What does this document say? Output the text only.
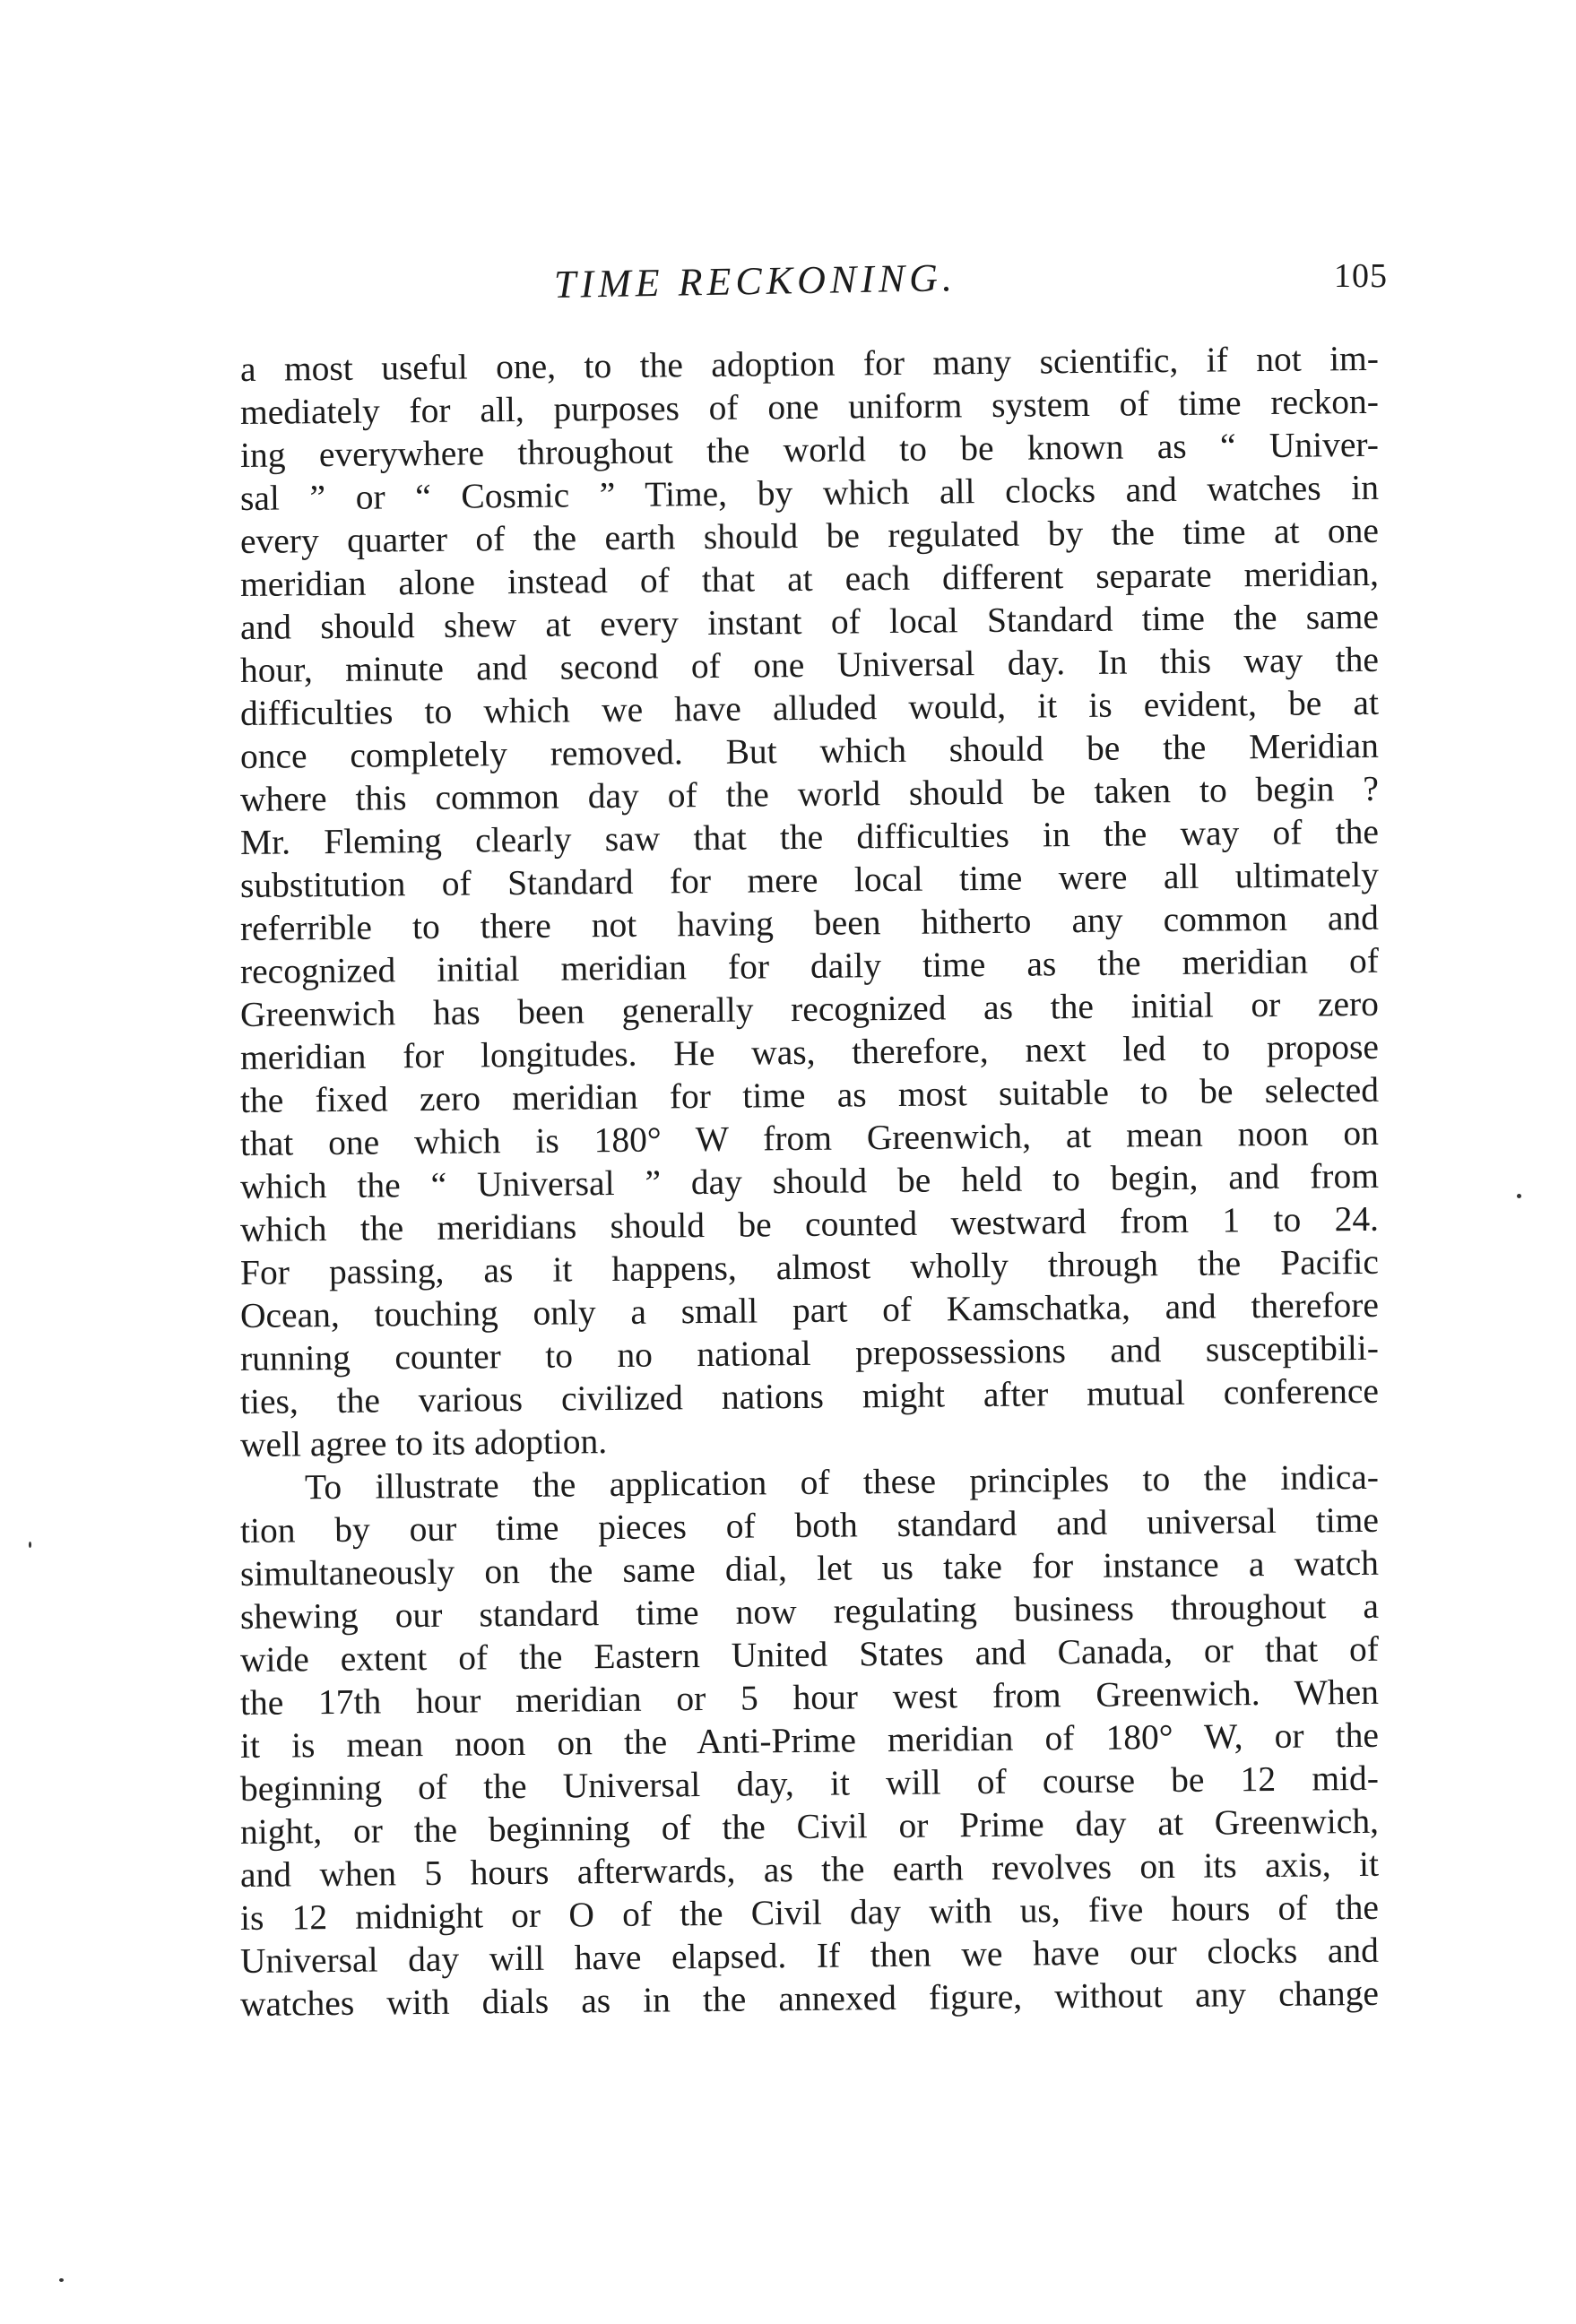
TIME RECKONING.	105
a most useful one, to the adoption for many scientific, if not im-
mediately for all, purposes of one uniform system of time reckon-
ing everywhere throughout the world to be known as “ Univer-
sal ” or “ Cosmic ” Time, by which all clocks and watches in
every quarter of the earth should be regulated by the time at one
meridian alone instead of that at each different separate meridian,
and should shew at every instant of local Standard time the same
hour, minute and second of one Universal day. In this way the
difficulties to which we have alluded would, it is evident, be at
once completely removed. But which should be the Meridian
where this common day of the world should be taken to begin ?
Mr. Fleming clearly saw that the difficulties in the way of the
substitution of Standard for mere local time were all ultimately
referrible to there not having been hitherto any common and
recognized initial meridian for daily time as the meridian of
Greenwich has been generally recognized as the initial or zero
meridian for longitudes. He was, therefore, next led to propose
the fixed zero meridian for time as most suitable to be selected
that one which is 180° W from Greenwich, at mean noon on
which the “ Universal ” day should be held to begin, and from
which the meridians should be counted westward from 1 to 24.
For passing, as it happens, almost wholly through the Pacific
Ocean, touching only a small part of Kamschatka, and therefore
running counter to no national prepossessions and susceptibili-
ties, the various civilized nations might after mutual conference
well agree to its adoption.
To illustrate the application of these principles to the indica-
tion by our time pieces of both standard and universal time
simultaneously on the same dial, let us take for instance a watch
shewing our standard time now regulating business throughout a
wide extent of the Eastern United States and Canada, or that of
the 17th hour meridian or 5 hour west from Greenwich. When
it is mean noon on the Anti-Prime meridian of 180° W, or the
beginning of the Universal day, it will of course be 12 mid-
night, or the beginning of the Civil or Prime day at Greenwich,
and when 5 hours afterwards, as the earth revolves on its axis, it
is 12 midnight or O of the Civil day with us, five hours of the
Universal day will have elapsed. If then we have our clocks and
watches with dials as in the annexed figure, without any change
